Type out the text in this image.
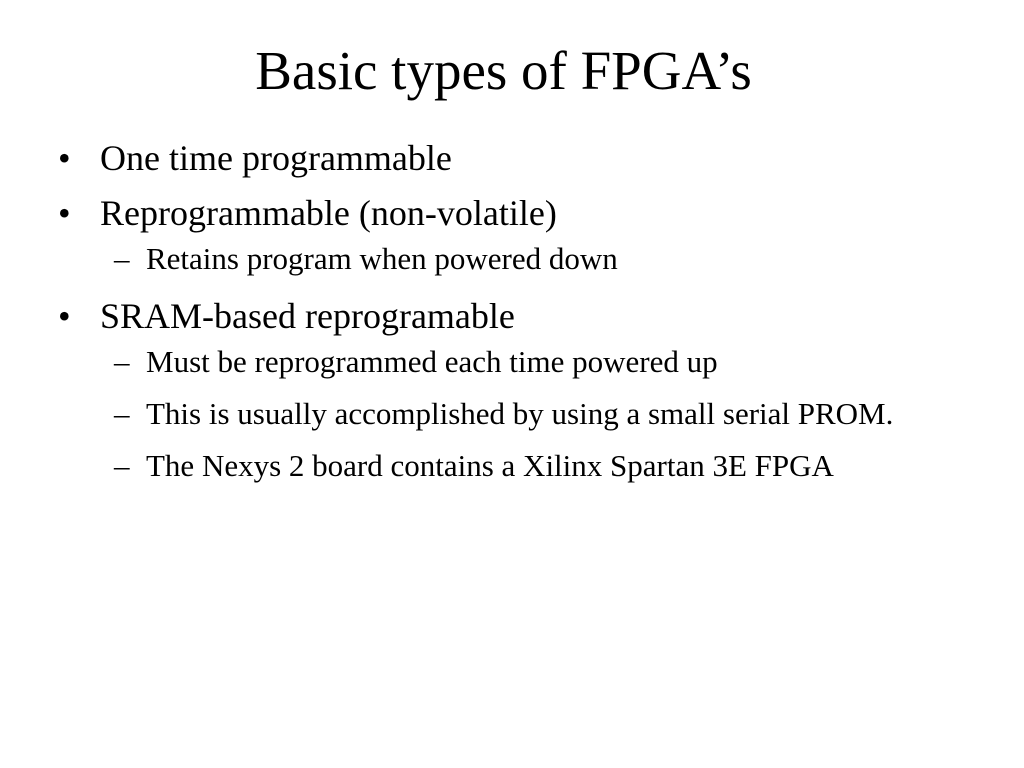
Basic types of FPGA’s
• One time programmable
• Reprogrammable (non-volatile)
– Retains program when powered down
• SRAM-based reprogramable
– Must be reprogrammed each time powered up
– This is usually accomplished by using a small serial PROM.
– The Nexys 2 board contains a Xilinx Spartan 3E FPGA
